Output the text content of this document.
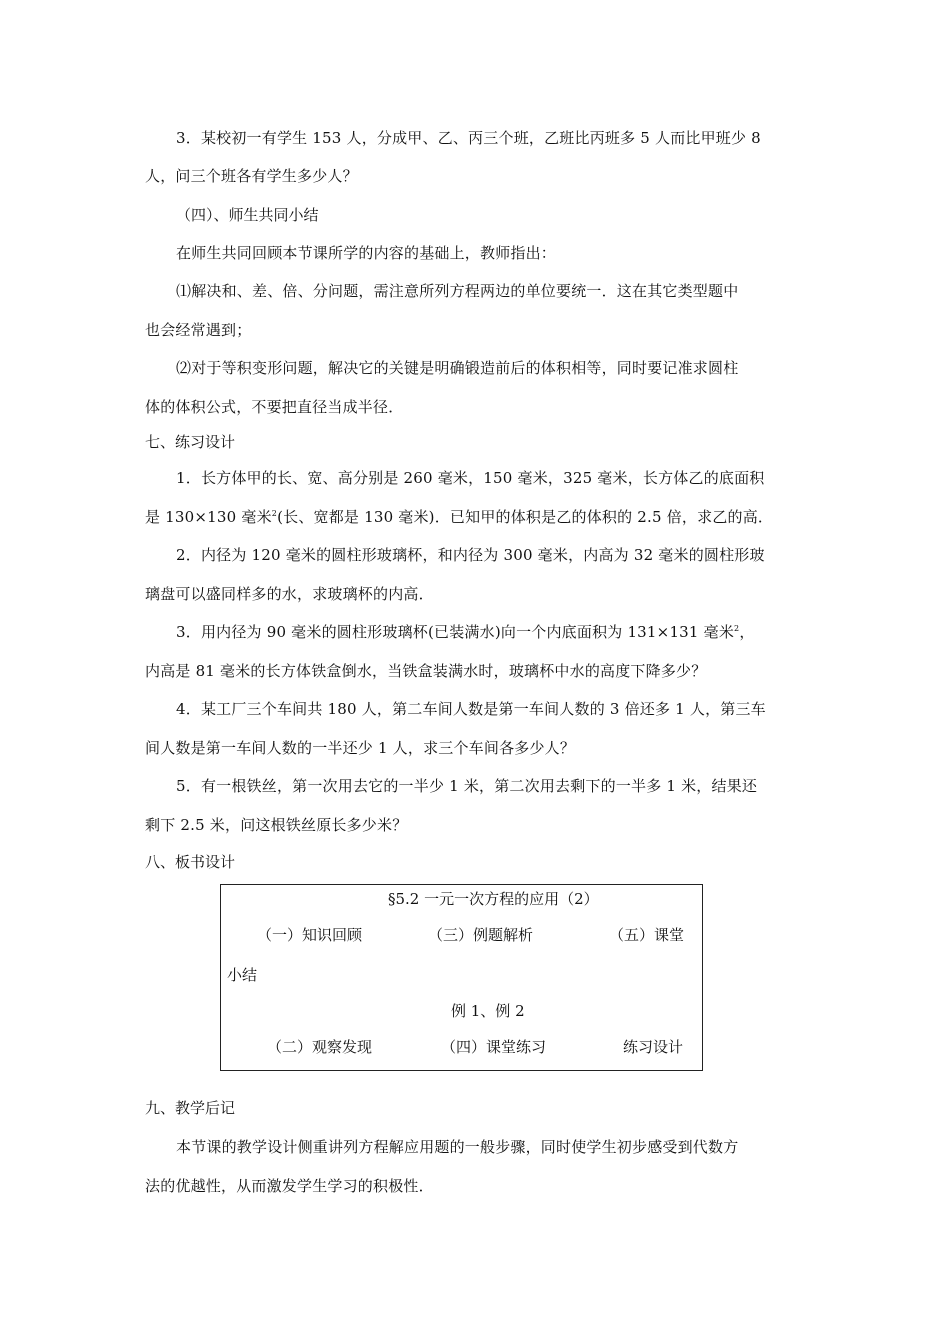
3．某校初一有学生 153 人，分成甲、乙、丙三个班，乙班比丙班多 5 人而比甲班少 8
人，问三个班各有学生多少人？
（四）、师生共同小结
在师生共同回顾本节课所学的内容的基础上，教师指出：
⑴解决和、差、倍、分问题，需注意所列方程两边的单位要统一．这在其它类型题中
也会经常遇到；
⑵对于等积变形问题，解决它的关键是明确锻造前后的体积相等，同时要记准求圆柱
体的体积公式，不要把直径当成半径．
七、练习设计
1．长方体甲的长、宽、高分别是 260 毫米，150 毫米，325 毫米，长方体乙的底面积
是 130×130 毫米$^2$(长、宽都是 130 毫米)．已知甲的体积是乙的体积的 2.5 倍，求乙的高．
2．内径为 120 毫米的圆柱形玻璃杯，和内径为 300 毫米，内高为 32 毫米的圆柱形玻
璃盘可以盛同样多的水，求玻璃杯的内高．
3．用内径为 90 毫米的圆柱形玻璃杯(已装满水)向一个内底面积为 131×131 毫米$^2$，
内高是 81 毫米的长方体铁盒倒水，当铁盒装满水时，玻璃杯中水的高度下降多少？
4．某工厂三个车间共 180 人，第二车间人数是第一车间人数的 3 倍还多 1 人，第三车
间人数是第一车间人数的一半还少 1 人，求三个车间各多少人？
5．有一根铁丝，第一次用去它的一半少 1 米，第二次用去剩下的一半多 1 米，结果还
剩下 2.5 米，问这根铁丝原长多少米？
八、板书设计
§5.2 一元一次方程的应用（2）
（一）知识回顾	（三）例题解析	（五）课堂
小结
例 1、例 2
（二）观察发现	（四）课堂练习	练习设计
九、教学后记
本节课的教学设计侧重讲列方程解应用题的一般步骤，同时使学生初步感受到代数方
法的优越性，从而激发学生学习的积极性．
